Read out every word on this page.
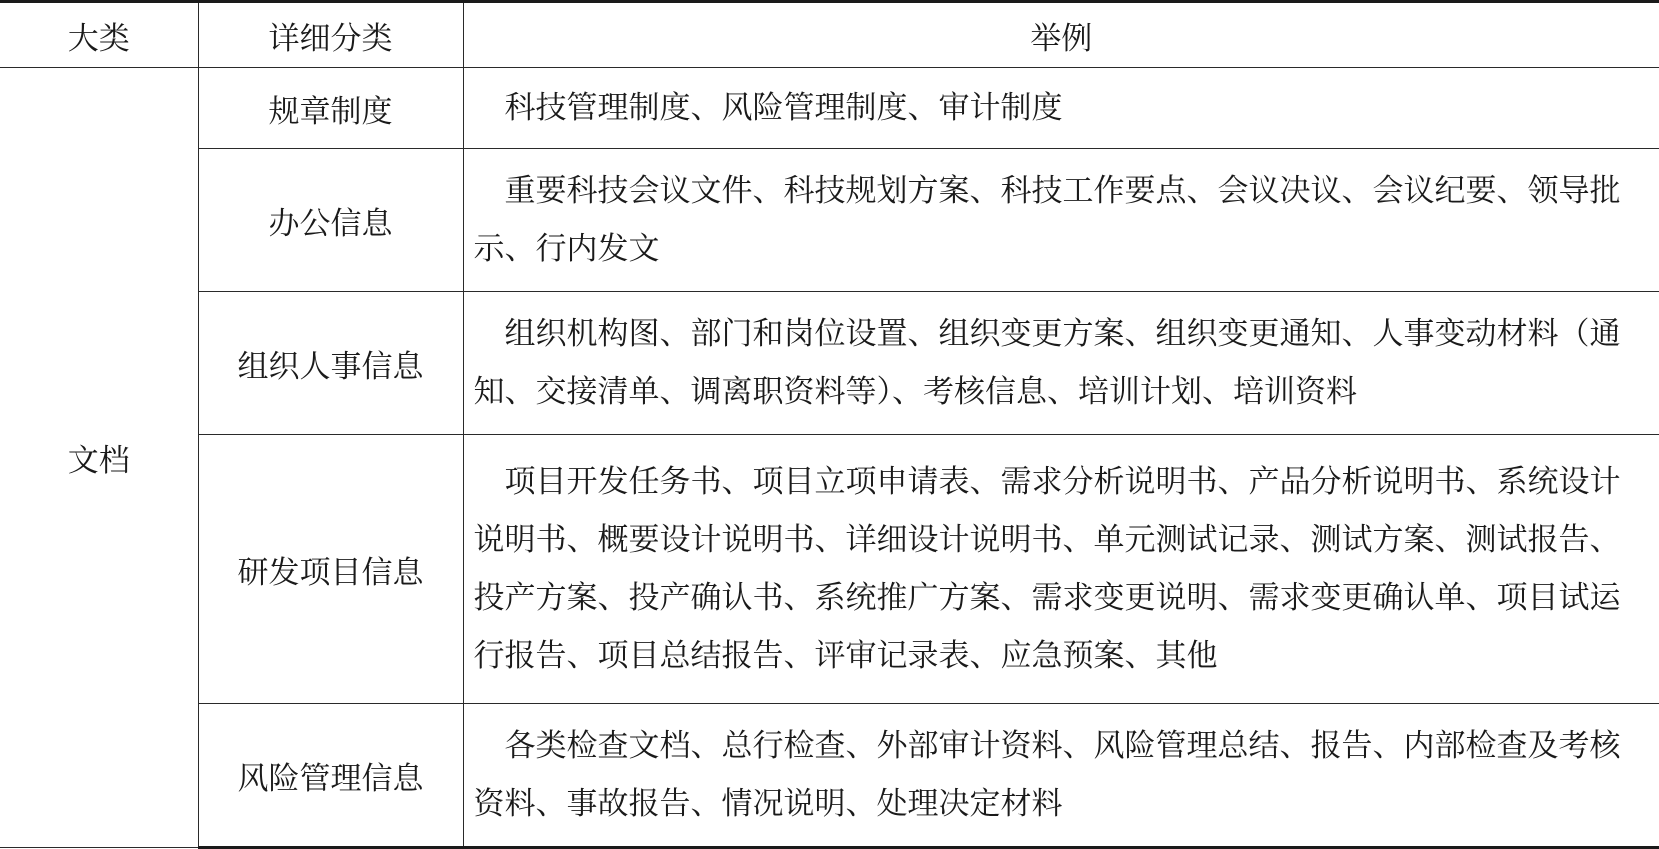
大类	详细分类	举例
文档	规章制度	科技管理制度、风险管理制度、审计制度
	办公信息	重要科技会议文件、科技规划方案、科技工作要点、会议决议、会议纪要、领导批示、行内发文
	组织人事信息	组织机构图、部门和岗位设置、组织变更方案、组织变更通知、人事变动材料（通知、交接清单、调离职资料等）、考核信息、培训计划、培训资料
	研发项目信息	项目开发任务书、项目立项申请表、需求分析说明书、产品分析说明书、系统设计说明书、概要设计说明书、详细设计说明书、单元测试记录、测试方案、测试报告、投产方案、投产确认书、系统推广方案、需求变更说明、需求变更确认单、项目试运行报告、项目总结报告、评审记录表、应急预案、其他
	风险管理信息	各类检查文档、总行检查、外部审计资料、风险管理总结、报告、内部检查及考核资料、事故报告、情况说明、处理决定材料
